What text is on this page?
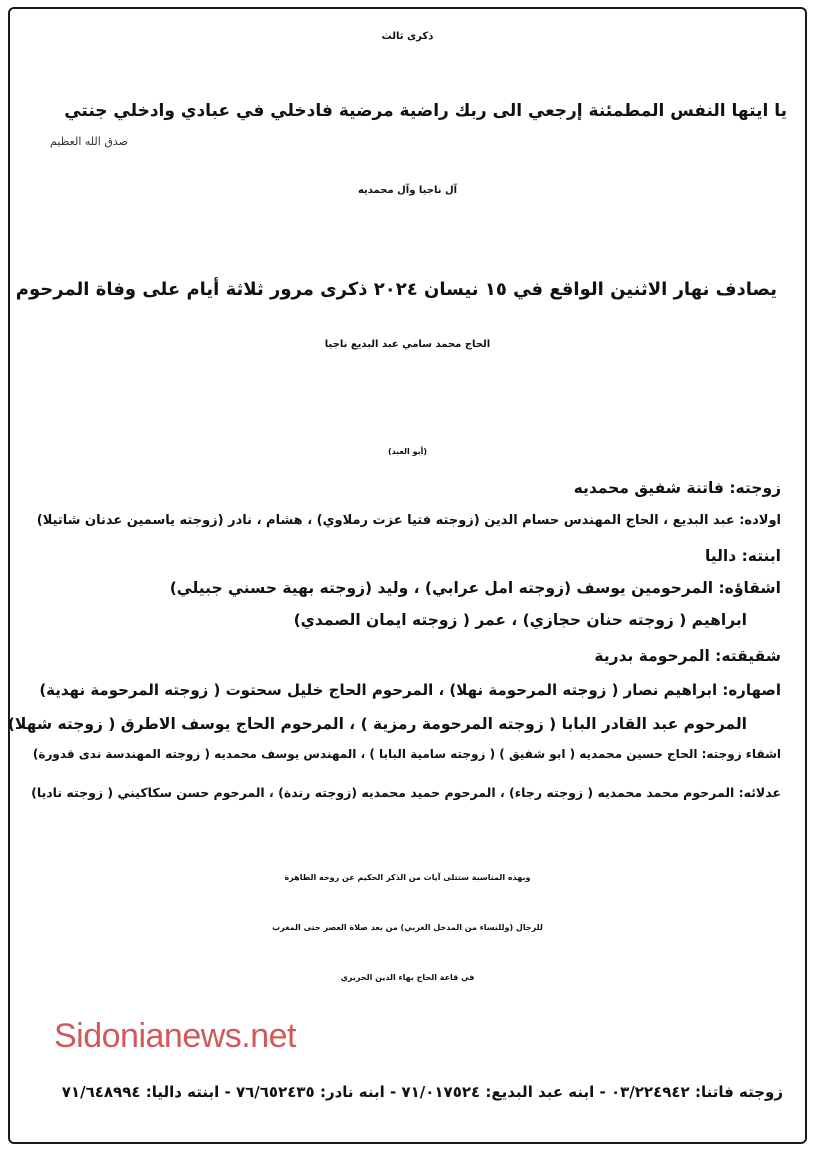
ذكرى ثالث
يا ايتها النفس المطمئنة إرجعي الى ربك راضية مرضية فادخلي في عبادي وادخلي جنتي
صدق الله العظيم
آل ناجيا وآل محمديه
يصادف نهار الاثنين الواقع في ١٥ نيسان ٢٠٢٤ ذكرى مرور ثلاثة أيام على وفاة المرحوم
الحاج محمد سامي عبد البديع ناجيا
(أبو العبد)
زوجته: فاتنة شفيق محمديه
اولاده: عبد البديع ، الحاج المهندس حسام الدين (زوجته فتيا عزت رملاوي) ، هشام ، نادر (زوجته ياسمين عدنان شاتيلا)
ابنته: داليا
اشقاؤه: المرحومين يوسف (زوجته امل عرابي) ، وليد (زوجته بهية حسني جبيلي)
ابراهيم ( زوجته حنان حجازي) ، عمر ( زوجته ايمان الصمدي)
شقيقته: المرحومة بدرية
اصهاره: ابراهيم نصار ( زوجته المرحومة نهلا) ، المرحوم الحاج خليل سحتوت ( زوجته المرحومة نهدية)
المرحوم عبد القادر البابا ( زوجته المرحومة رمزية ) ، المرحوم الحاج يوسف الاطرق ( زوجته شهلا)
اشقاء زوجته: الحاج حسين محمديه ( ابو شفيق ) ( زوجته سامية البابا ) ، المهندس يوسف محمديه ( زوجته المهندسة ندى قدورة)
عدلائه: المرحوم محمد محمديه ( زوجته رجاء) ، المرحوم حميد محمديه (زوجته رندة) ، المرحوم حسن سكاكيني ( زوجته ناديا)
وبهذه المناسبة ستتلى آيات من الذكر الحكيم عن روحه الطاهرة
للرجال (وللنساء من المدخل الغربي) من بعد صلاة العصر حتى المغرب
في قاعة الحاج بهاء الدين الحريري
Sidonianews.net
زوجته فاتنا: ٠٣/٢٢٤٩٤٢ - ابنه عبد البديع: ٧١/٠١٧٥٢٤ - ابنه نادر: ٧٦/٦٥٢٤٣٥ - ابنته داليا: ٧١/٦٤٨٩٩٤
